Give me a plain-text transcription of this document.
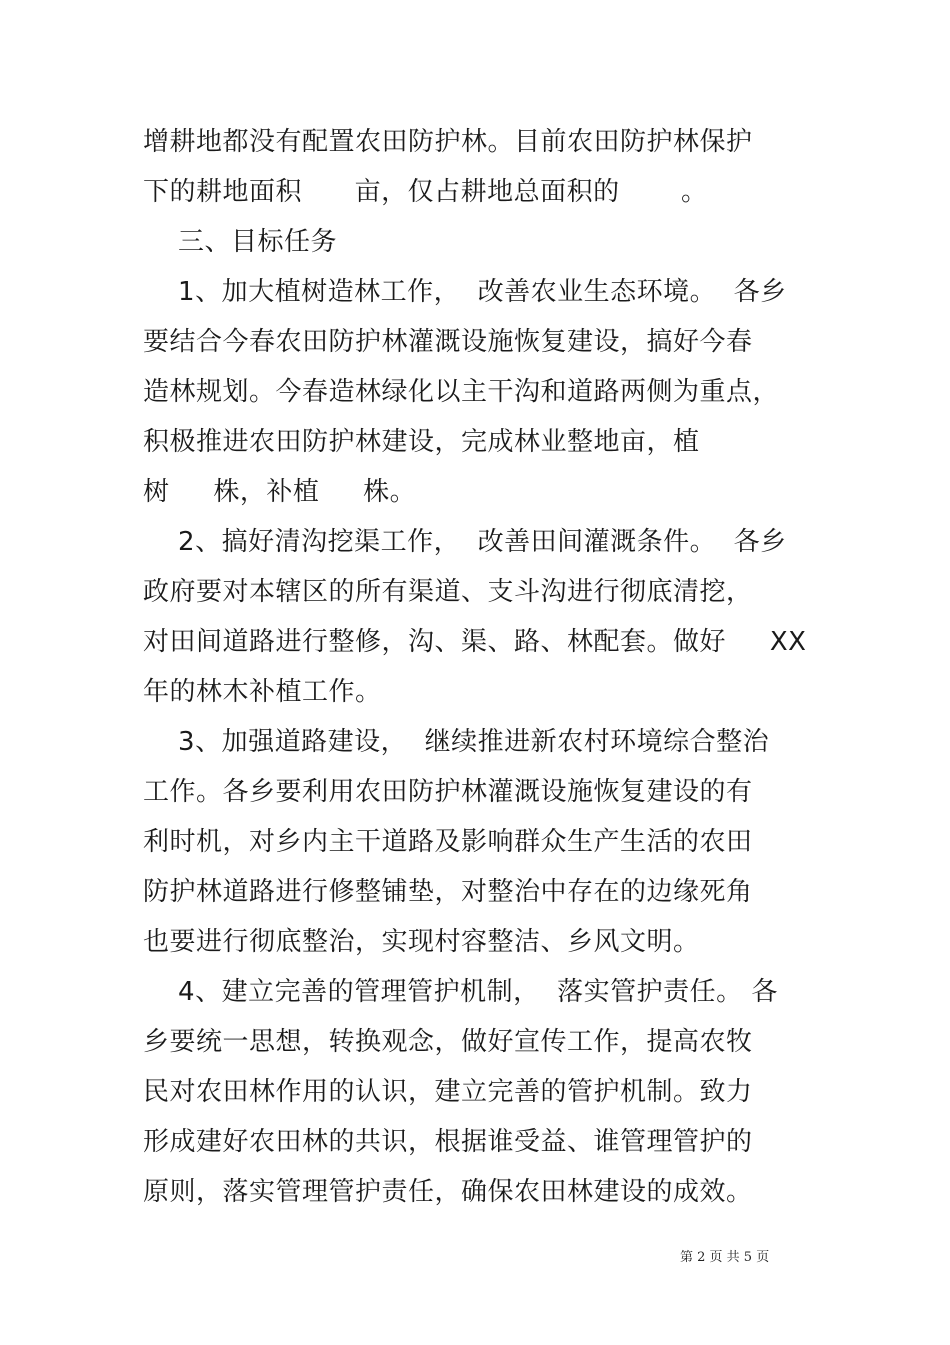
增耕地都没有配置农田防护林。目前农田防护林保护
下的耕地面积      亩，仅占耕地总面积的       。
三、目标任务
1、加大植树造林工作，  改善农业生态环境。  各乡
要结合今春农田防护林灌溉设施恢复建设，搞好今春
造林规划。今春造林绿化以主干沟和道路两侧为重点，
积极推进农田防护林建设，完成林业整地亩，植
树     株，补植     株。
2、搞好清沟挖渠工作，  改善田间灌溉条件。  各乡
政府要对本辖区的所有渠道、支斗沟进行彻底清挖，
对田间道路进行整修，沟、渠、路、林配套。做好     XX
年的林木补植工作。
3、加强道路建设，  继续推进新农村环境综合整治
工作。各乡要利用农田防护林灌溉设施恢复建设的有
利时机，对乡内主干道路及影响群众生产生活的农田
防护林道路进行修整铺垫，对整治中存在的边缘死角
也要进行彻底整治，实现村容整洁、乡风文明。
4、建立完善的管理管护机制，  落实管护责任。 各
乡要统一思想，转换观念，做好宣传工作，提高农牧
民对农田林作用的认识，建立完善的管护机制。致力
形成建好农田林的共识，根据谁受益、谁管理管护的
原则，落实管理管护责任，确保农田林建设的成效。
第 2 页 共 5 页
